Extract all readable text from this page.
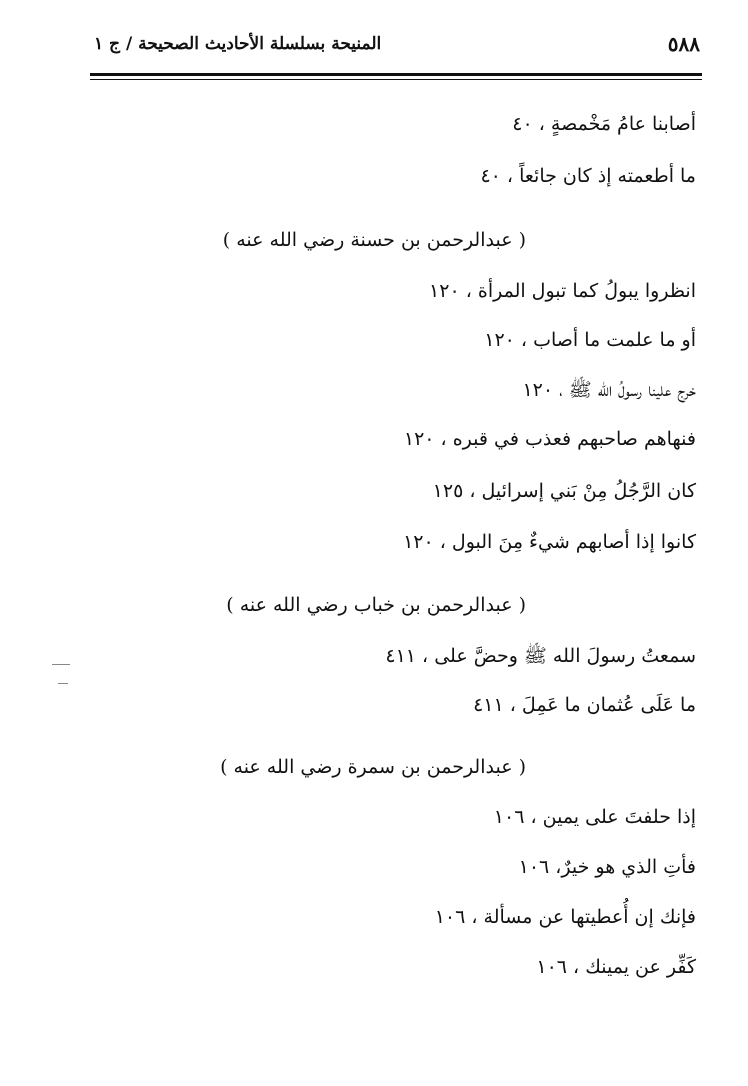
٥٨٨
المنيحة بسلسلة الأحاديث الصحيحة / ج ١
أصابنا عامُ مَخْمصةٍ ، ٤٠
ما أطعمته إذ كان جائعاً ، ٤٠
( عبدالرحمن بن حسنة رضي الله عنه )
انظروا يبولُ كما تبول المرأة ، ١٢٠
أو ما علمت ما أصاب ، ١٢٠
خرج علينا رسولُ الله ﷺ ، ١٢٠
فنهاهم صاحبهم فعذب في قبره ، ١٢٠
كان الرَّجُلُ مِنْ بَني إسرائيل ، ١٢٥
كانوا إذا أصابهم شيءٌ مِنَ البول ، ١٢٠
( عبدالرحمن بن خباب رضي الله عنه )
سمعتُ رسولَ الله ﷺ وحضَّ على ، ٤١١
ما عَلَى عُثمان ما عَمِلَ ، ٤١١
( عبدالرحمن بن سمرة رضي الله عنه )
إذا حلفتَ على يمين ، ١٠٦
فأتِ الذي هو خيرٌ، ١٠٦
فإنك إن أُعطيتها عن مسألة ، ١٠٦
كَفِّر عن يمينك ، ١٠٦
